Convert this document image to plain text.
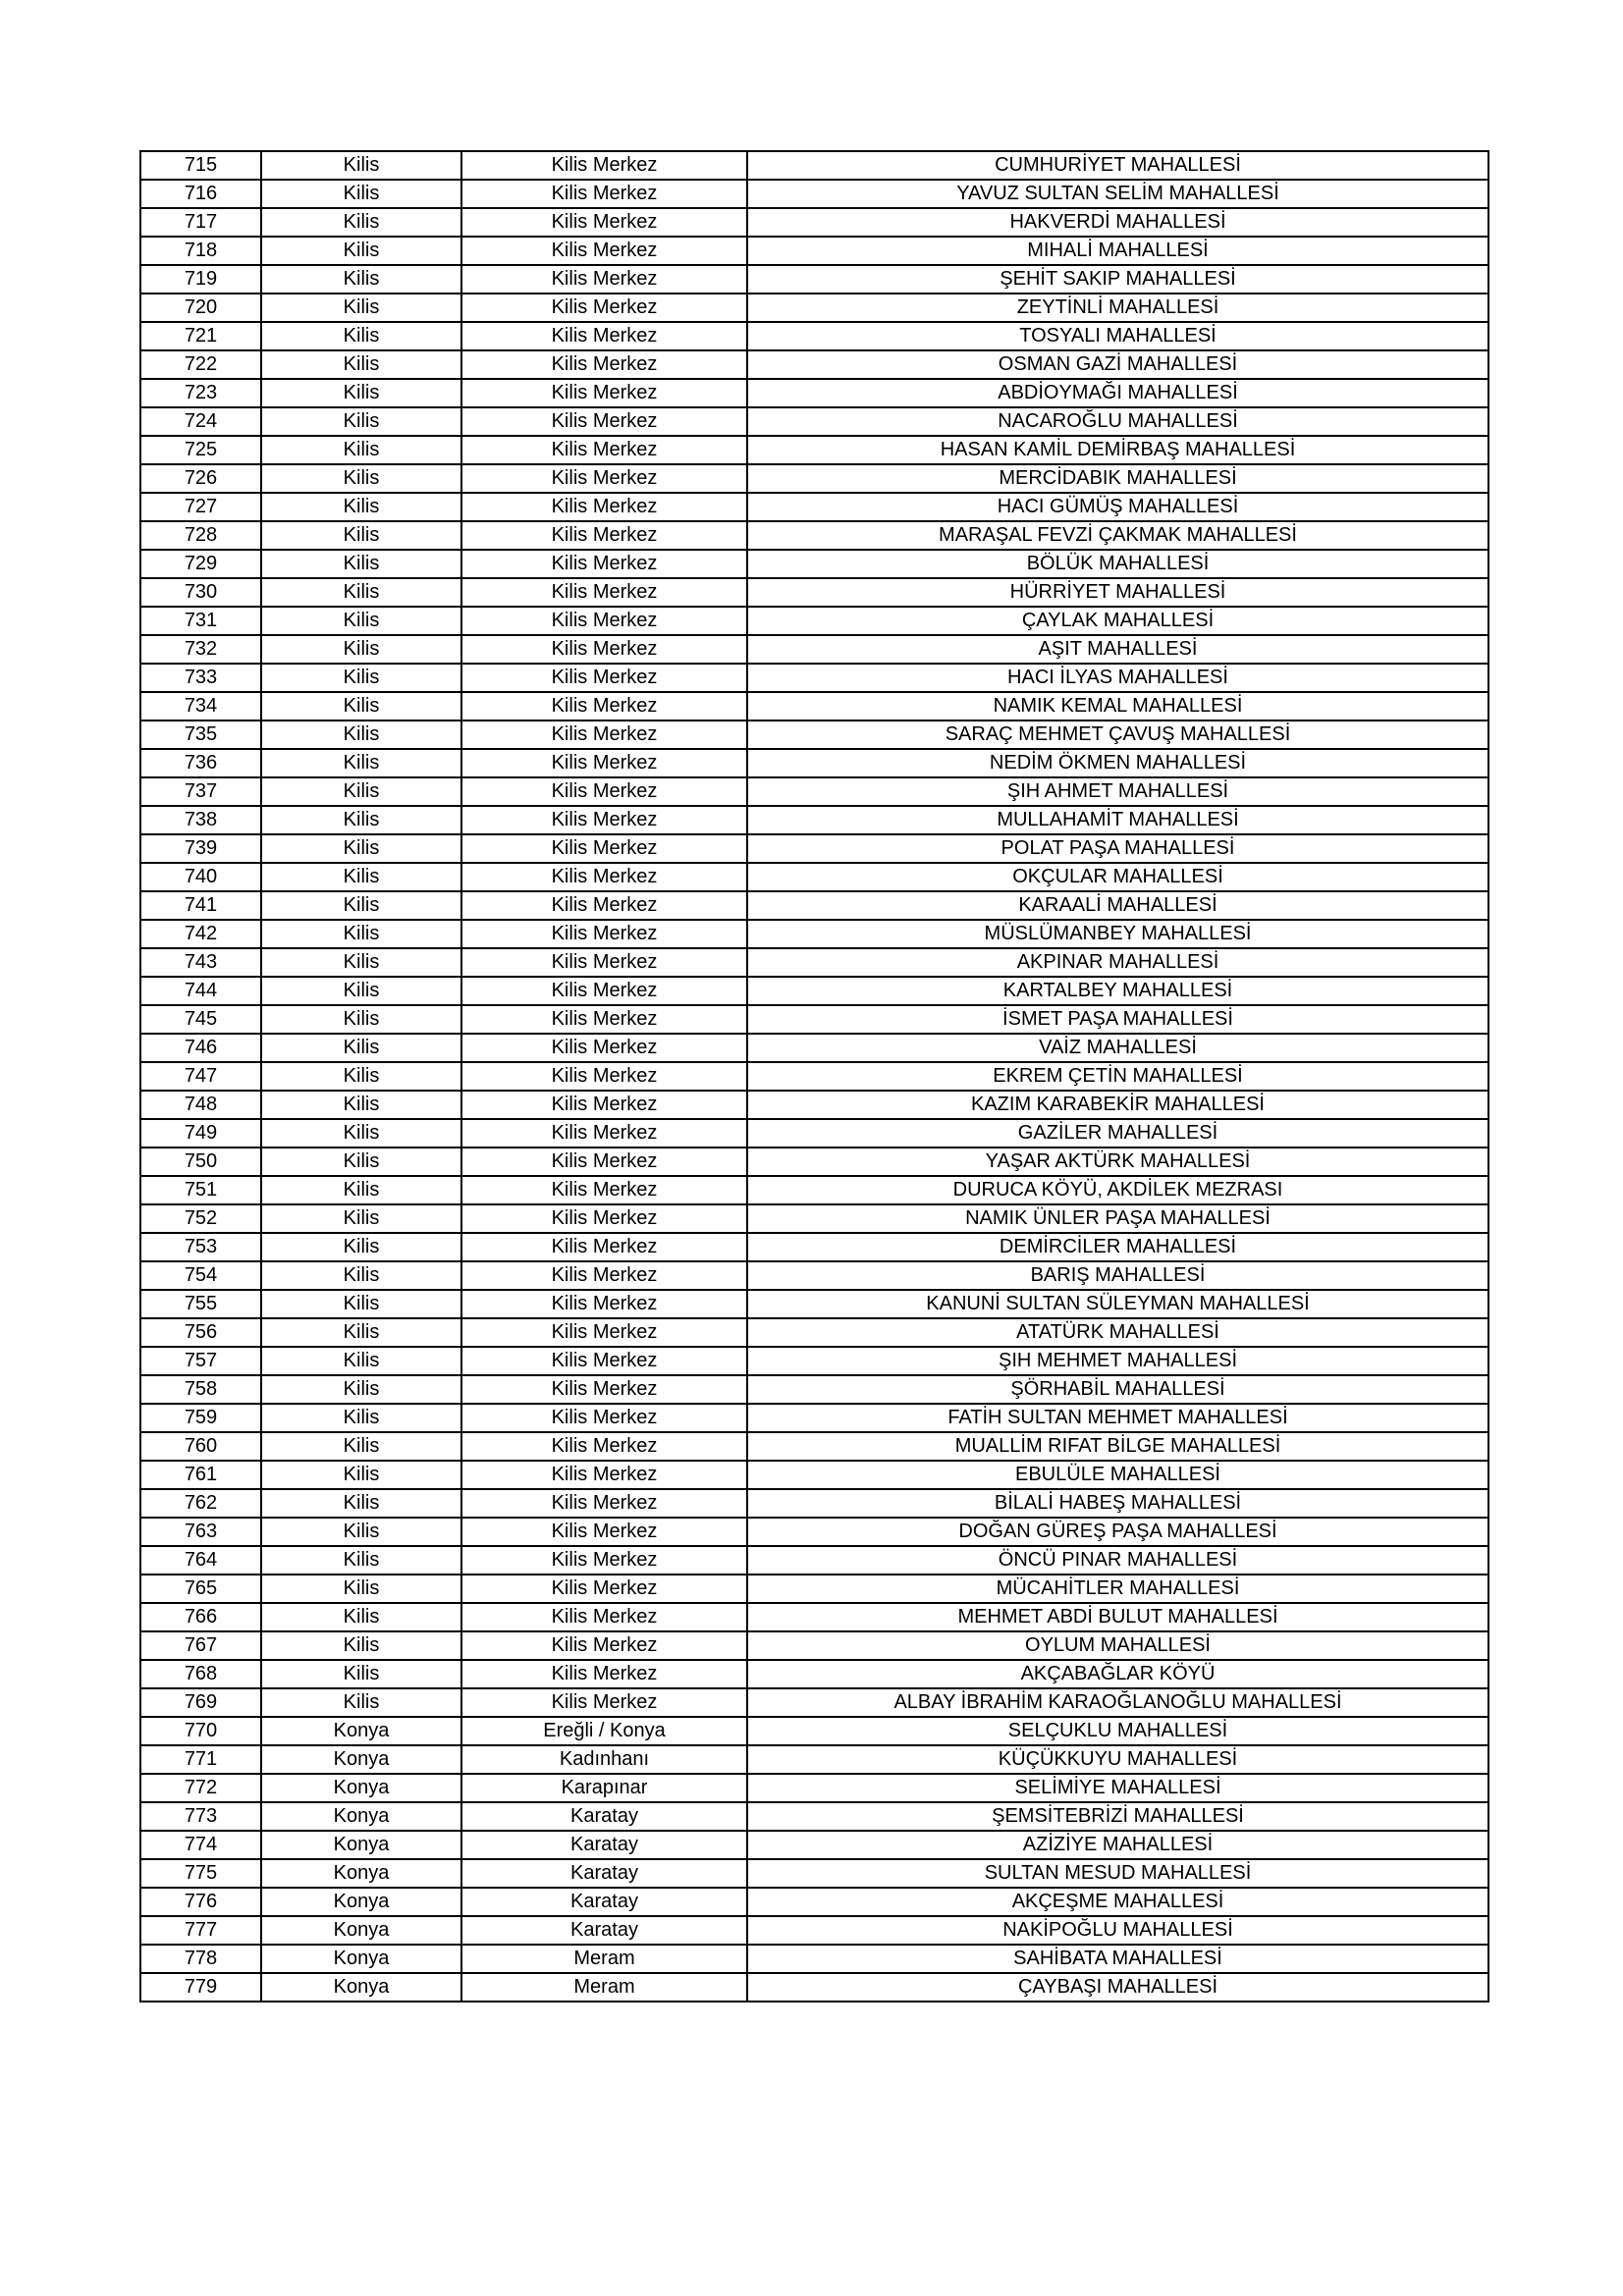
715	Kilis	Kilis Merkez	CUMHURİYET MAHALLESİ
716	Kilis	Kilis Merkez	YAVUZ SULTAN SELİM MAHALLESİ
717	Kilis	Kilis Merkez	HAKVERDİ MAHALLESİ
718	Kilis	Kilis Merkez	MIHALİ MAHALLESİ
719	Kilis	Kilis Merkez	ŞEHİT SAKIP MAHALLESİ
720	Kilis	Kilis Merkez	ZEYTİNLİ MAHALLESİ
721	Kilis	Kilis Merkez	TOSYALI MAHALLESİ
722	Kilis	Kilis Merkez	OSMAN GAZİ MAHALLESİ
723	Kilis	Kilis Merkez	ABDİOYMAĞI MAHALLESİ
724	Kilis	Kilis Merkez	NACAROĞLU MAHALLESİ
725	Kilis	Kilis Merkez	HASAN KAMİL DEMİRBAŞ MAHALLESİ
726	Kilis	Kilis Merkez	MERCİDABIK MAHALLESİ
727	Kilis	Kilis Merkez	HACI GÜMÜŞ MAHALLESİ
728	Kilis	Kilis Merkez	MARAŞAL FEVZİ ÇAKMAK MAHALLESİ
729	Kilis	Kilis Merkez	BÖLÜK MAHALLESİ
730	Kilis	Kilis Merkez	HÜRRİYET MAHALLESİ
731	Kilis	Kilis Merkez	ÇAYLAK MAHALLESİ
732	Kilis	Kilis Merkez	AŞIT MAHALLESİ
733	Kilis	Kilis Merkez	HACI İLYAS MAHALLESİ
734	Kilis	Kilis Merkez	NAMIK KEMAL MAHALLESİ
735	Kilis	Kilis Merkez	SARAÇ MEHMET ÇAVUŞ MAHALLESİ
736	Kilis	Kilis Merkez	NEDİM ÖKMEN MAHALLESİ
737	Kilis	Kilis Merkez	ŞIH AHMET MAHALLESİ
738	Kilis	Kilis Merkez	MULLAHAMİT MAHALLESİ
739	Kilis	Kilis Merkez	POLAT PAŞA MAHALLESİ
740	Kilis	Kilis Merkez	OKÇULAR MAHALLESİ
741	Kilis	Kilis Merkez	KARAALİ MAHALLESİ
742	Kilis	Kilis Merkez	MÜSLÜMANBEY MAHALLESİ
743	Kilis	Kilis Merkez	AKPINAR MAHALLESİ
744	Kilis	Kilis Merkez	KARTALBEY MAHALLESİ
745	Kilis	Kilis Merkez	İSMET PAŞA MAHALLESİ
746	Kilis	Kilis Merkez	VAİZ MAHALLESİ
747	Kilis	Kilis Merkez	EKREM ÇETİN MAHALLESİ
748	Kilis	Kilis Merkez	KAZIM KARABEKİR MAHALLESİ
749	Kilis	Kilis Merkez	GAZİLER MAHALLESİ
750	Kilis	Kilis Merkez	YAŞAR AKTÜRK MAHALLESİ
751	Kilis	Kilis Merkez	DURUCA KÖYÜ, AKDİLEK MEZRASI
752	Kilis	Kilis Merkez	NAMIK ÜNLER PAŞA MAHALLESİ
753	Kilis	Kilis Merkez	DEMİRCİLER MAHALLESİ
754	Kilis	Kilis Merkez	BARIŞ MAHALLESİ
755	Kilis	Kilis Merkez	KANUNİ SULTAN SÜLEYMAN MAHALLESİ
756	Kilis	Kilis Merkez	ATATÜRK MAHALLESİ
757	Kilis	Kilis Merkez	ŞIH MEHMET MAHALLESİ
758	Kilis	Kilis Merkez	ŞÖRHABİL MAHALLESİ
759	Kilis	Kilis Merkez	FATİH SULTAN MEHMET MAHALLESİ
760	Kilis	Kilis Merkez	MUALLİM RIFAT BİLGE MAHALLESİ
761	Kilis	Kilis Merkez	EBULÜLE MAHALLESİ
762	Kilis	Kilis Merkez	BİLALİ HABEŞ MAHALLESİ
763	Kilis	Kilis Merkez	DOĞAN GÜREŞ PAŞA MAHALLESİ
764	Kilis	Kilis Merkez	ÖNCÜ PINAR MAHALLESİ
765	Kilis	Kilis Merkez	MÜCAHİTLER MAHALLESİ
766	Kilis	Kilis Merkez	MEHMET ABDİ BULUT MAHALLESİ
767	Kilis	Kilis Merkez	OYLUM MAHALLESİ
768	Kilis	Kilis Merkez	AKÇABAĞLAR KÖYÜ
769	Kilis	Kilis Merkez	ALBAY İBRAHİM KARAOĞLANOĞLU MAHALLESİ
770	Konya	Ereğli / Konya	SELÇUKLU MAHALLESİ
771	Konya	Kadınhanı	KÜÇÜKKUYU MAHALLESİ
772	Konya	Karapınar	SELİMİYE MAHALLESİ
773	Konya	Karatay	ŞEMSİTEBRİZİ MAHALLESİ
774	Konya	Karatay	AZİZİYE MAHALLESİ
775	Konya	Karatay	SULTAN MESUD MAHALLESİ
776	Konya	Karatay	AKÇEŞME MAHALLESİ
777	Konya	Karatay	NAKİPOĞLU MAHALLESİ
778	Konya	Meram	SAHİBATA MAHALLESİ
779	Konya	Meram	ÇAYBAŞI MAHALLESİ
